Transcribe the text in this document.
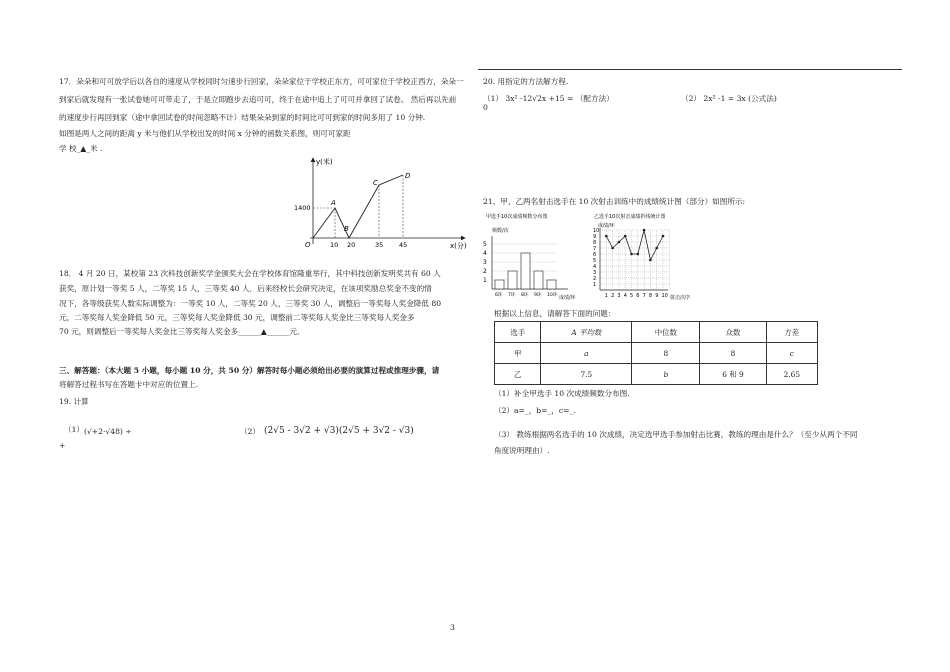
17．朵朵和可可放学后以各自的速度从学校同时匀速步行回家，朵朵家位于学校正东方，可可家位于学校正西方，朵朵一
到家后就发现有一张试卷她可可带走了，于是立即跑步去追可可，终于在途中追上了可可并拿回了试卷。 然后再以先前
的速度步行再回到家（途中拿回试卷的时间忽略不计）结果朵朵到家的时间比可可到家的时间多用了 10 分钟.
如图是两人之间的距离 y 米与他们从学校出发的时间 x 分钟的函数关系图，则可可家距
学 校_▲_米 .
y(米)
x(分)
O
1400
10 20	35 45
A
B
C
D
18． 4 月 20 日，某校第 23 次科技创新奖学金颁奖大会在学校体育馆隆重举行，其中科技创新发明奖共有 60 人
获奖，原计划一等奖 5 人，二等奖 15 人，三等奖 40 人．后来经校长会研究决定，在该项奖励总奖金不变的情
况下，各等级获奖人数实际调整为：一等奖 10 人，二等奖 20 人，三等奖 30 人，调整后一等奖每人奖金降低 80
元，二等奖每人奖金降低 50 元，三等奖每人奖金降低 30 元，调整前二等奖每人奖金比三等奖每人奖金多
70 元，则调整后一等奖每人奖金比三等奖每人奖金多______▲______元．
三、解答题：（本大题 5 小题，每小题 10 分，共 50 分）解答时每小题必须给出必要的演算过程或推理步骤，请
将解答过程书写在答题卡中对应的位置上.
19. 计算
（1） (√+2·√48) ÷
+
（2） (2√5 - 3√2 + √3)(2√5 + 3√2 - √3)
20. 用指定的方法解方程.
（1） 3x² -12√2x +15 = （配方法）
0
（2） 2x² -1 = 3x (公式法)
21、甲、乙两名射击选手在 10 次射击训练中的成绩统计图（部分）如图所示:
甲选手10次成绩频数分布图
频数/次
1
2
3
4
5
6环 7环 8环 9环 10环 成绩/环
乙选手10次射击成绩折线统计图
成绩/环
1
2
3
4
5
6
7
8
9
10
1 2 3 4 5 6 7 8 9 10 射击次序
根据以上信息，请解答下面的问题：
选手	A 平均数	中位数	众数	方差
甲	a	8	8	c
乙	7.5	b	6 和 9	2.65
（1）补全甲选手 10 次成绩频数分布图.
（2）a=_，b=_，c=_.
（3） 教练根据两名选手的 10 次成绩，决定选甲选手参加射击比赛，教练的理由是什么？（至少从两个不同
角度说明理由）.
3
